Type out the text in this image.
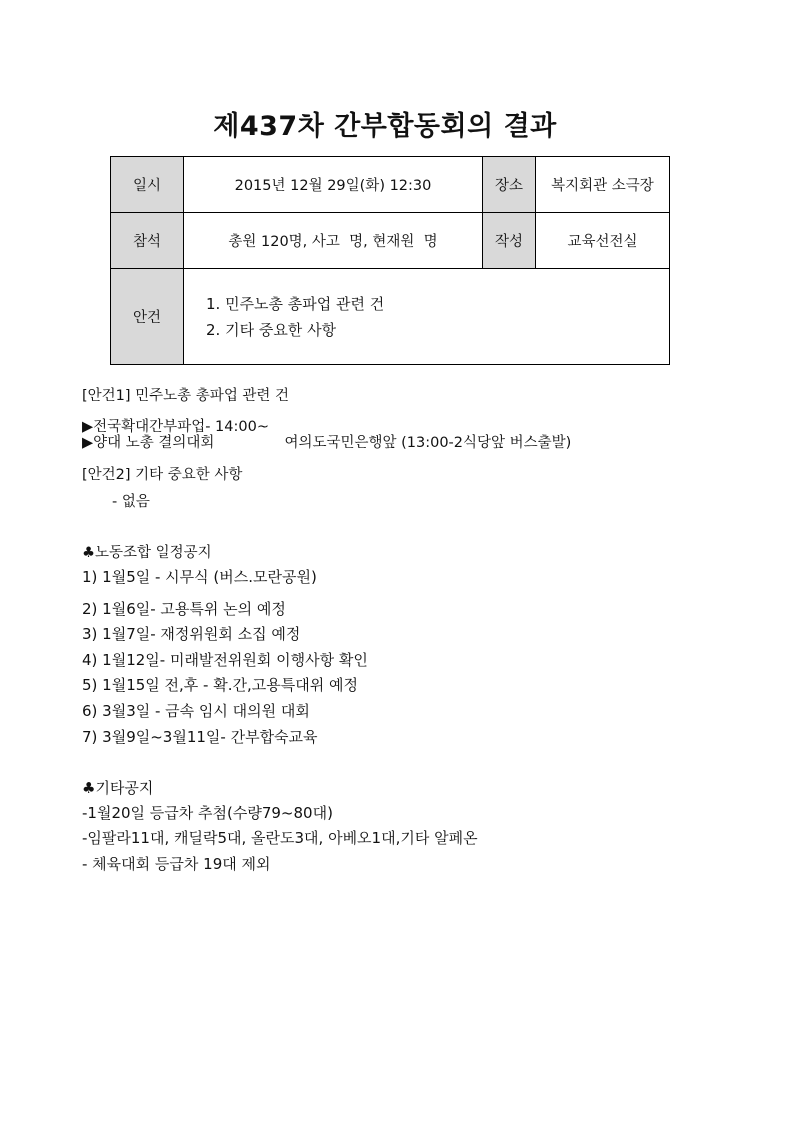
제437차 간부합동회의 결과
일시	2015년 12월 29일(화) 12:30	장소	복지회관 소극장
참석	총원 120명, 사고  명, 현재원  명	작성	교육선전실
안건	1. 민주노총 총파업 관련 건
2. 기타 중요한 사항		
[안건1] 민주노총 총파업 관련 건
▶전국확대간부파업- 14:00~
▶양대 노총 결의대회	여의도국민은행앞 (13:00-2식당앞 버스출발)
[안건2] 기타 중요한 사항
- 없음
♣노동조합 일정공지
1) 1월5일 - 시무식 (버스.모란공원)
2) 1월6일- 고용특위 논의 예정
3) 1월7일- 재정위원회 소집 예정
4) 1월12일- 미래발전위원회 이행사항 확인
5) 1월15일 전,후 - 확.간,고용특대위 예정
6) 3월3일 - 금속 임시 대의원 대회
7) 3월9일~3월11일- 간부합숙교육
♣기타공지
-1월20일 등급차 추첨(수량79~80대)
-임팔라11대, 캐딜락5대, 올란도3대, 아베오1대,기타 알페온
- 체육대회 등급차 19대 제외
